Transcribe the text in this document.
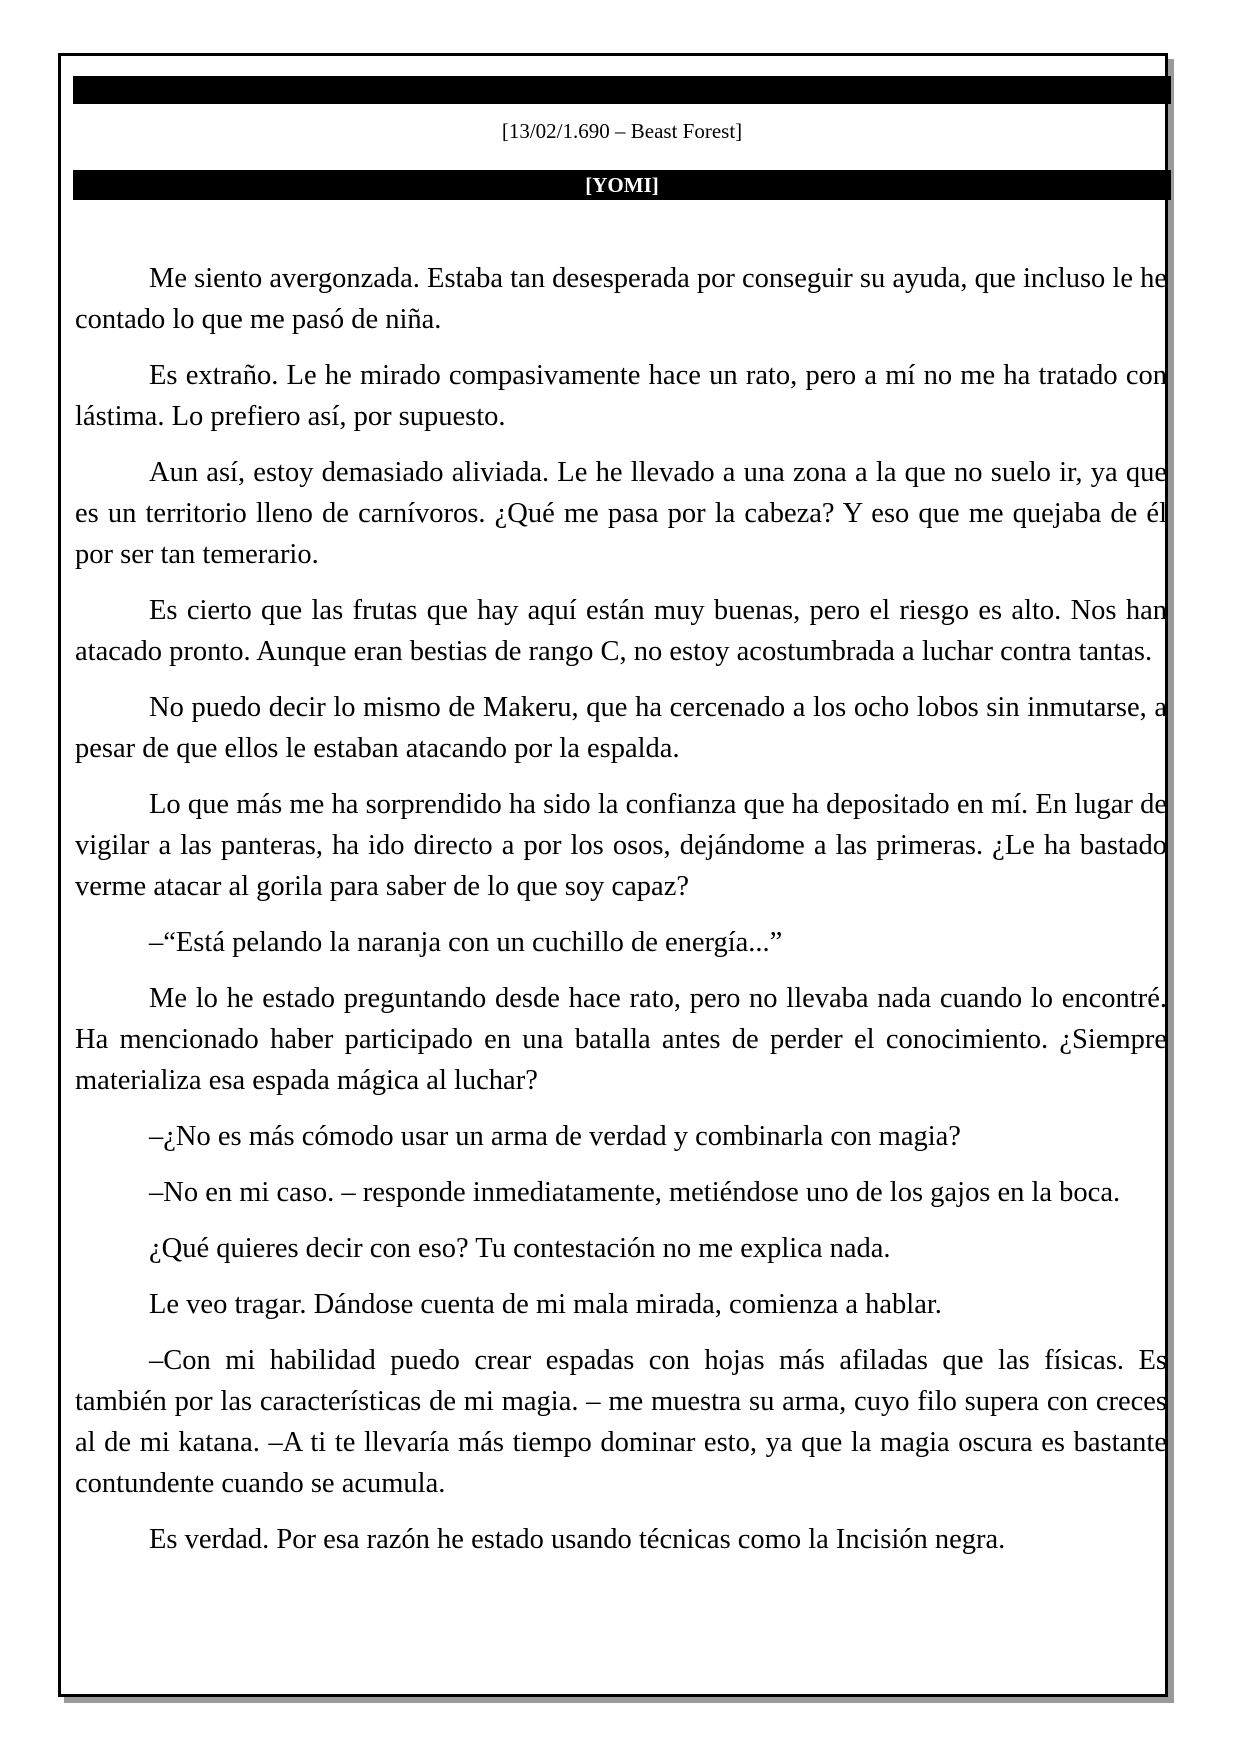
[13/02/1.690 – Beast Forest]
[YOMI]

Me siento avergonzada. Estaba tan desesperada por conseguir su ayuda, que incluso le he contado lo que me pasó de niña.

Es extraño. Le he mirado compasivamente hace un rato, pero a mí no me ha tratado con lástima. Lo prefiero así, por supuesto.

Aun así, estoy demasiado aliviada. Le he llevado a una zona a la que no suelo ir, ya que es un territorio lleno de carnívoros. ¿Qué me pasa por la cabeza? Y eso que me quejaba de él por ser tan temerario.

Es cierto que las frutas que hay aquí están muy buenas, pero el riesgo es alto. Nos han atacado pronto. Aunque eran bestias de rango C, no estoy acostumbrada a luchar contra tantas.

No puedo decir lo mismo de Makeru, que ha cercenado a los ocho lobos sin inmutarse, a pesar de que ellos le estaban atacando por la espalda.

Lo que más me ha sorprendido ha sido la confianza que ha depositado en mí. En lugar de vigilar a las panteras, ha ido directo a por los osos, dejándome a las primeras. ¿Le ha bastado verme atacar al gorila para saber de lo que soy capaz?

–“Está pelando la naranja con un cuchillo de energía...”

Me lo he estado preguntando desde hace rato, pero no llevaba nada cuando lo encontré. Ha mencionado haber participado en una batalla antes de perder el conocimiento. ¿Siempre materializa esa espada mágica al luchar?

–¿No es más cómodo usar un arma de verdad y combinarla con magia?

–No en mi caso. – responde inmediatamente, metiéndose uno de los gajos en la boca.

¿Qué quieres decir con eso? Tu contestación no me explica nada.

Le veo tragar. Dándose cuenta de mi mala mirada, comienza a hablar.

–Con mi habilidad puedo crear espadas con hojas más afiladas que las físicas. Es también por las características de mi magia. – me muestra su arma, cuyo filo supera con creces al de mi katana. –A ti te llevaría más tiempo dominar esto, ya que la magia oscura es bastante contundente cuando se acumula.

Es verdad. Por esa razón he estado usando técnicas como la Incisión negra.
